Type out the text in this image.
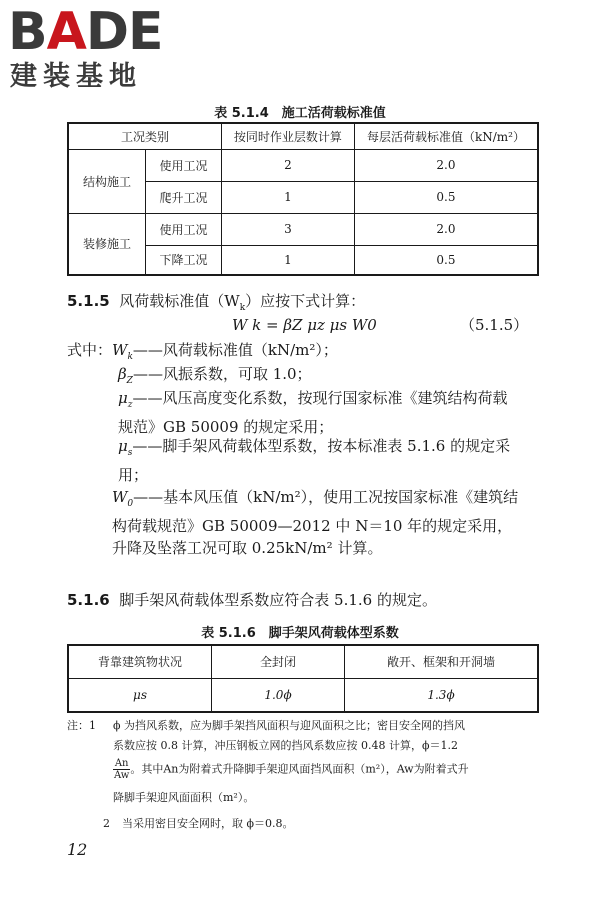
BADE
建装基地
表 5.1.4　施工活荷载标准值
工况类别		按同时作业层数计算	每层活荷载标准值（kN/m²）
结构施工	使用工况	2	2.0
	爬升工况	1	0.5
装修施工	使用工况	3	2.0
	下降工况	1	0.5
5.1.5 风荷载标准值$(W_k)$应按下式计算：
W k = βZ μz μs W0	（5.1.5）
式中：$W_k——$风荷载标准值（kN/m²）；
$\beta_Z——$风振系数，可取 1.0；
$\mu_z——$风压高度变化系数，按现行国家标准《建筑结构荷载规范》GB 50009 的规定采用；
$\mu_s——$脚手架风荷载体型系数，按本标准表 5.1.6 的规定采用；
$W_0——$基本风压值（kN/m²），使用工况按国家标准《建筑结构荷载规范》GB 50009—2012 中 N＝10 年的规定采用，升降及坠落工况可取 0.25kN/m² 计算。
5.1.6 脚手架风荷载体型系数应符合表 5.1.6 的规定。
表 5.1.6　脚手架风荷载体型系数
背靠建筑物状况	全封闭	敞开、框架和开洞墙
μs	1.0ϕ	1.3ϕ
注：1 ϕ 为挡风系数，应为脚手架挡风面积与迎风面积之比；密目安全网的挡风
系数应按 0.8 计算，冲压钢板立网的挡风系数应按 0.48 计算，ϕ＝1.2
$\frac{An}{Aw}$ 。其中An为附着式升降脚手架迎风面挡风面积（m²），Aw为附着式升
降脚手架迎风面面积（m²）。
2 当采用密目安全网时，取 ϕ＝0.8。
12
